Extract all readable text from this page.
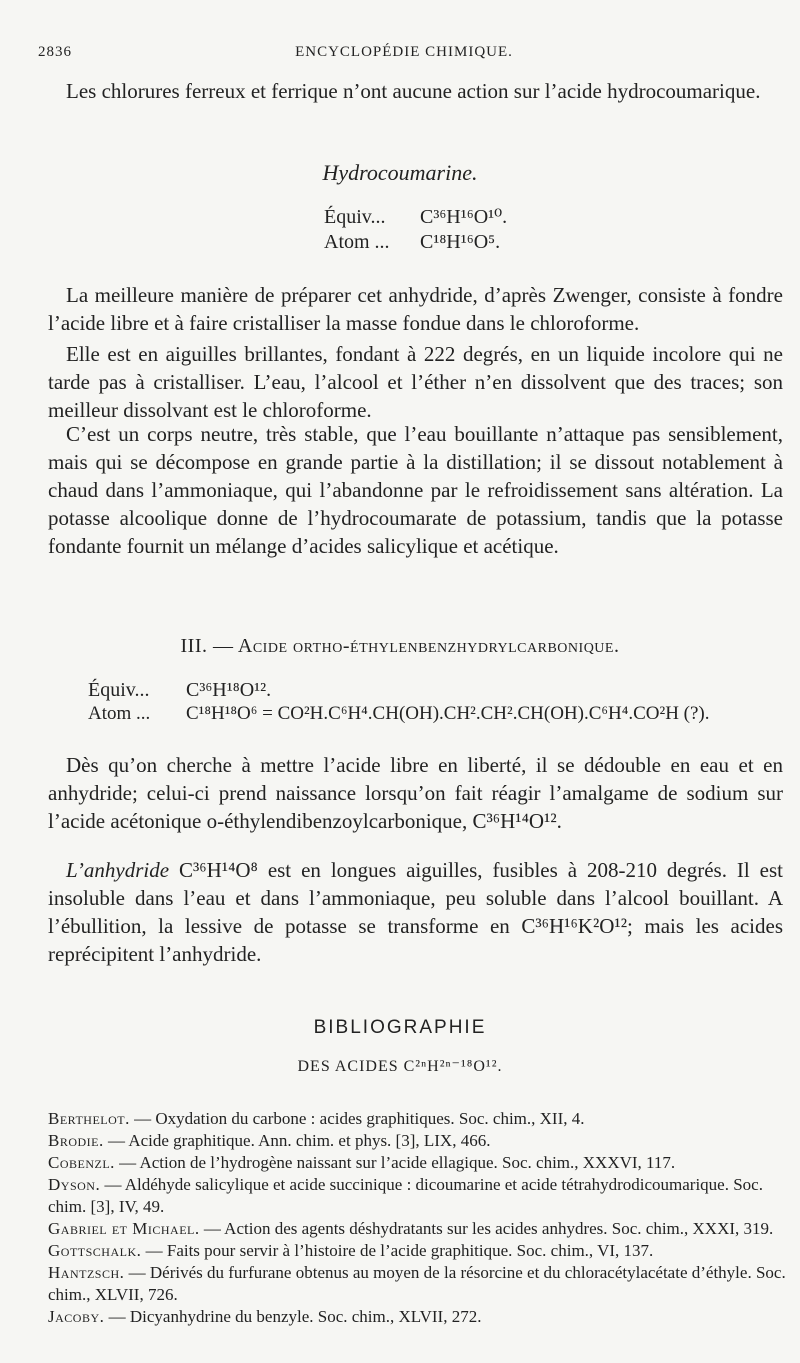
2836	ENCYCLOPÉDIE CHIMIQUE.

Les chlorures ferreux et ferrique n’ont aucune action sur l’acide hydrocoumarique.

Hydrocoumarine.

Équiv... C³⁶H¹⁶O¹⁰.
Atom ... C¹⁸H¹⁶O⁵.

La meilleure manière de préparer cet anhydride, d’après Zwenger, consiste à fondre l’acide libre et à faire cristalliser la masse fondue dans le chloroforme.

Elle est en aiguilles brillantes, fondant à 222 degrés, en un liquide incolore qui ne tarde pas à cristalliser. L’eau, l’alcool et l’éther n’en dissolvent que des traces; son meilleur dissolvant est le chloroforme.

C’est un corps neutre, très stable, que l’eau bouillante n’attaque pas sensiblement, mais qui se décompose en grande partie à la distillation; il se dissout notablement à chaud dans l’ammoniaque, qui l’abandonne par le refroidissement sans altération. La potasse alcoolique donne de l’hydrocoumarate de potassium, tandis que la potasse fondante fournit un mélange d’acides salicylique et acétique.

III. — Acide ortho-éthylenbenzhydrylcarbonique.

Équiv... C³⁶H¹⁸O¹².
Atom ... C¹⁸H¹⁸O⁶ = CO²H.C⁶H⁴.CH(OH).CH².CH².CH(OH).C⁶H⁴.CO²H (?).

Dès qu’on cherche à mettre l’acide libre en liberté, il se dédouble en eau et en anhydride; celui-ci prend naissance lorsqu’on fait réagir l’amalgame de sodium sur l’acide acétonique o-éthylendibenzoylcarbonique, C³⁶H¹⁴O¹².

L’anhydride C³⁶H¹⁴O⁸ est en longues aiguilles, fusibles à 208-210 degrés. Il est insoluble dans l’eau et dans l’ammoniaque, peu soluble dans l’alcool bouillant. A l’ébullition, la lessive de potasse se transforme en C³⁶H¹⁶K²O¹²; mais les acides reprécipitent l’anhydride.

BIBLIOGRAPHIE

DES ACIDES C²ⁿH²ⁿ⁻¹⁸O¹².

Berthelot. — Oxydation du carbone : acides graphitiques. Soc. chim., XII, 4.
Brodie. — Acide graphitique. Ann. chim. et phys. [3], LIX, 466.
Cobenzl. — Action de l’hydrogène naissant sur l’acide ellagique. Soc. chim., XXXVI, 117.
Dyson. — Aldéhyde salicylique et acide succinique : dicoumarine et acide tétrahydrodicoumarique. Soc. chim. [3], IV, 49.
Gabriel et Michael. — Action des agents déshydratants sur les acides anhydres. Soc. chim., XXXI, 319.
Gottschalk. — Faits pour servir à l’histoire de l’acide graphitique. Soc. chim., VI, 137.
Hantzsch. — Dérivés du furfurane obtenus au moyen de la résorcine et du chloracétylacétate d’éthyle. Soc. chim., XLVII, 726.
Jacoby. — Dicyanhydrine du benzyle. Soc. chim., XLVII, 272.
